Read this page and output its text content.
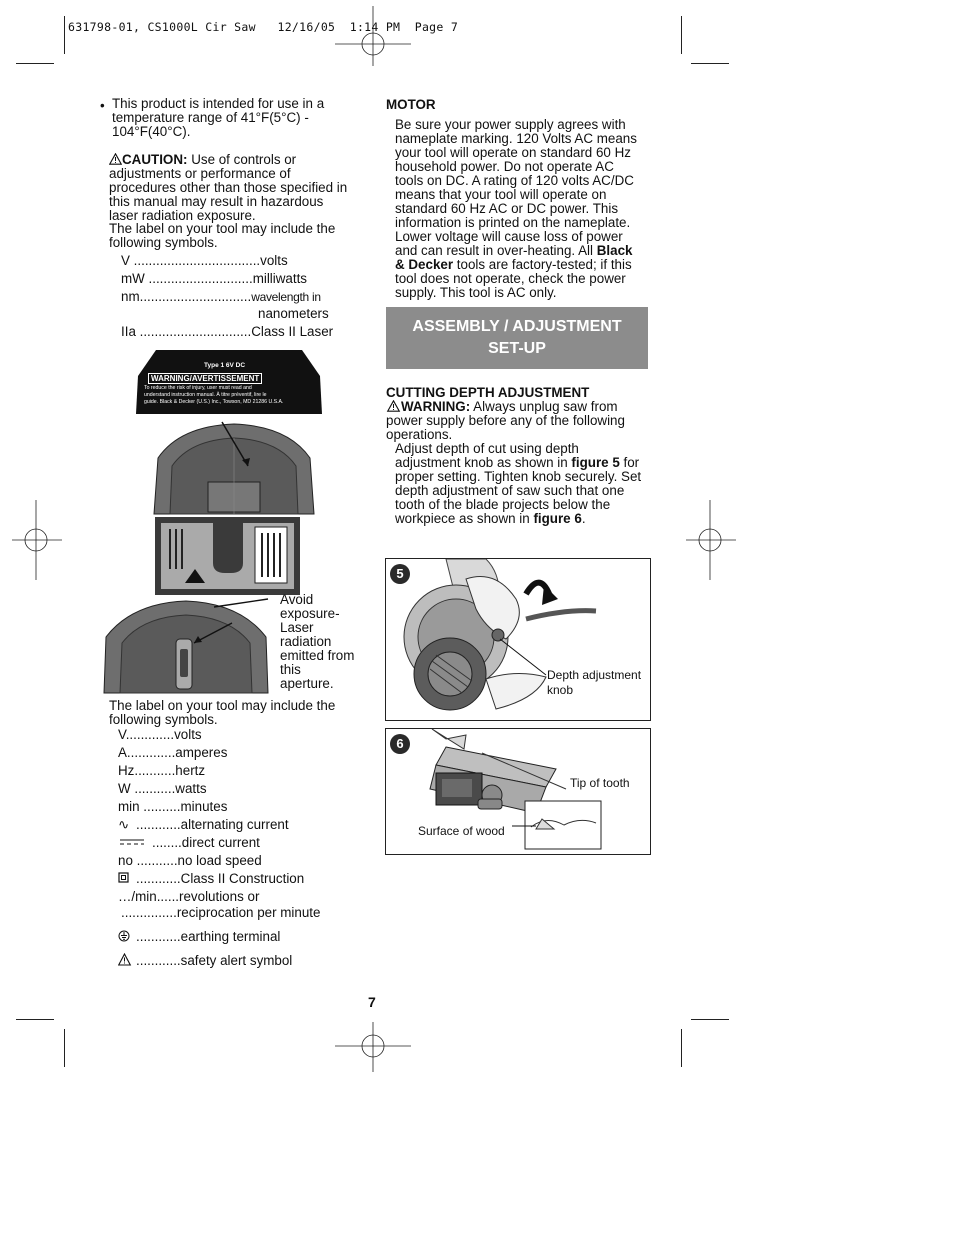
631798-01, CS1000L Cir Saw   12/16/05  1:14 PM  Page 7
• This product is intended for use in a
temperature range of 41°F(5°C) -
104°F(40°C).
CAUTION: Use of controls or
adjustments or performance of
procedures other than those specified in
this manual may result in hazardous
laser radiation exposure.
The label on your tool may include the
following symbols.
V ..................................volts
mW ............................milliwatts
nm..............................wavelength in
nanometers
IIa ..............................Class II Laser
Type 1 6V DC
WARNING/AVERTISSEMENT
To reduce the risk of injury, user must read and
understand instruction manual. À titre préventif, lire le
guide. Black & Decker (U.S.) Inc., Towson, MD 21286 U.S.A.
Avoid
exposure-
Laser
radiation
emitted from
this
aperture.
The label on your tool may include the
following symbols.
V.............volts
A.............amperes
Hz...........hertz
W ...........watts
min ..........minutes
∿ ............alternating current
........direct current
no ...........no load speed
............Class II Construction
…/min......revolutions or
...............reciprocation per minute
............earthing terminal
............safety alert symbol
MOTOR
Be sure your power supply agrees with
nameplate marking. 120 Volts AC means
your tool will operate on standard 60 Hz
household power. Do not operate AC
tools on DC. A rating of 120 volts AC/DC
means that your tool will operate on
standard 60 Hz AC or DC power. This
information is printed on the nameplate.
Lower voltage will cause loss of power
and can result in over-heating. All Black
& Decker tools are factory-tested; if this
tool does not operate, check the power
supply. This tool is AC only.
ASSEMBLY / ADJUSTMENT
SET-UP
CUTTING DEPTH ADJUSTMENT
WARNING: Always unplug saw from
power supply before any of the following
operations.
Adjust depth of cut using depth
adjustment knob as shown in figure 5 for
proper setting. Tighten knob securely. Set
depth adjustment of saw such that one
tooth of the blade projects below the
workpiece as shown in figure 6.
5
Depth adjustment
knob
6
Tip of tooth
Surface of wood
7
